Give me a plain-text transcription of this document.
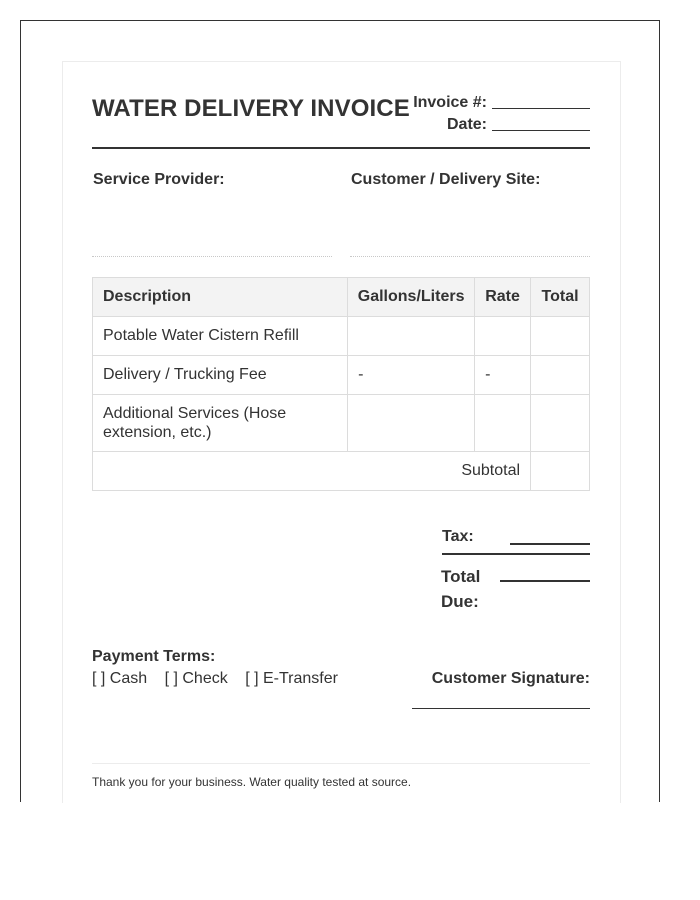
WATER DELIVERY INVOICE Invoice #:
Date:
Service Provider:	Customer / Delivery Site:
Description	Gallons/Liters	Rate	Total
Potable Water Cistern Refill			
Delivery / Trucking Fee	-	-	
Additional Services (Hose extension, etc.)			
Subtotal			
Tax:
Total Due:
Payment Terms:
[ ] Cash [ ] Check [ ] E-Transfer	Customer Signature:
Thank you for your business. Water quality tested at source.
